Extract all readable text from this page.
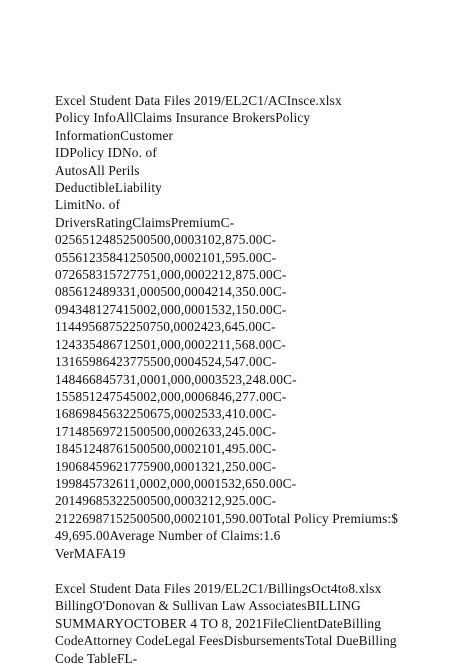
Excel Student Data Files 2019/EL2C1/ACInsce.xlsx
Policy InfoAllClaims Insurance BrokersPolicy
InformationCustomer
IDPolicy IDNo. of
AutosAll Perils
DeductibleLiability
LimitNo. of
DriversRatingClaimsPremiumC-
02565124852500500,0003102,875.00C-
05561235841250500,0002101,595.00C-
072658315727751,000,0002212,875.00C-
085612489331,000500,0004214,350.00C-
094348127415002,000,0001532,150.00C-
11449568752250750,0002423,645.00C-
124335486712501,000,0002211,568.00C-
13165986423775500,0004524,547.00C-
148466845731,0001,000,0003523,248.00C-
155851247545002,000,0006846,277.00C-
16869845632250675,0002533,410.00C-
17148569721500500,0002633,245.00C-
18451248761500500,0002101,495.00C-
19068459621775900,0001321,250.00C-
199845732611,0002,000,0001532,650.00C-
20149685322500500,0003212,925.00C-
21226987152500500,0002101,590.00Total Policy Premiums:$
49,695.00Average Number of Claims:1.6
VerMAFA19
Excel Student Data Files 2019/EL2C1/BillingsOct4to8.xlsx
BillingO'Donovan & Sullivan Law AssociatesBILLING
SUMMARYOCTOBER 4 TO 8, 2021FileClientDateBilling
CodeAttorney CodeLegal FeesDisbursementsTotal DueBilling
Code TableFL-
